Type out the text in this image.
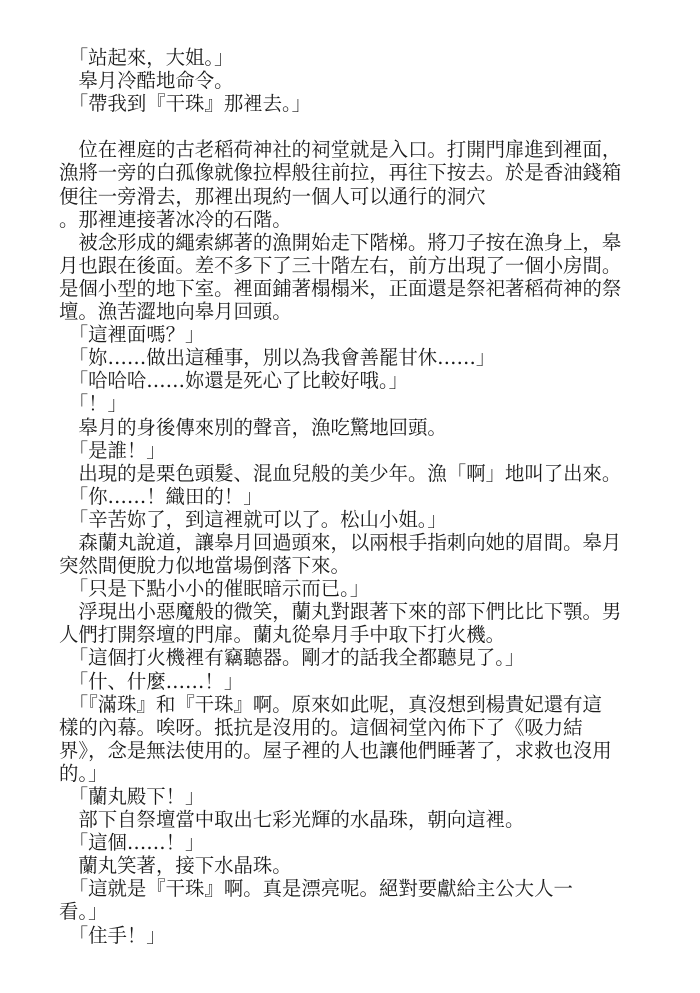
　「站起來，大姐。」
　皋月冷酷地命令。
　「帶我到『干珠』那裡去。」
　位在裡庭的古老稻荷神社的祠堂就是入口。打開門扉進到裡面，
漁將一旁的白孤像就像拉桿般往前拉，再往下按去。於是香油錢箱
便往一旁滑去，那裡出現約一個人可以通行的洞穴
。那裡連接著冰冷的石階。
　被念形成的繩索綁著的漁開始走下階梯。將刀子按在漁身上，皋
月也跟在後面。差不多下了三十階左右，前方出現了一個小房間。
是個小型的地下室。裡面鋪著榻榻米，正面還是祭祀著稻荷神的祭
壇。漁苦澀地向皋月回頭。
　「這裡面嗎？」
　「妳……做出這種事，別以為我會善罷甘休……」
　「哈哈哈……妳還是死心了比較好哦。」
　「！」
　皋月的身後傳來別的聲音，漁吃驚地回頭。
　「是誰！」
　出現的是栗色頭髮、混血兒般的美少年。漁「啊」地叫了出來。
　「你……！織田的！」
　「辛苦妳了，到這裡就可以了。松山小姐。」
　森蘭丸說道，讓皋月回過頭來，以兩根手指刺向她的眉間。皋月
突然間便脫力似地當場倒落下來。
　「只是下點小小的催眠暗示而已。」
　浮現出小惡魔般的微笑，蘭丸對跟著下來的部下們比比下顎。男
人們打開祭壇的門扉。蘭丸從皋月手中取下打火機。
　「這個打火機裡有竊聽器。剛才的話我全都聽見了。」
　「什、什麼……！」
　「『滿珠』和『干珠』啊。原來如此呢，真沒想到楊貴妃還有這
樣的內幕。唉呀。抵抗是沒用的。這個祠堂內佈下了《吸力結
界》，念是無法使用的。屋子裡的人也讓他們睡著了，求救也沒用
的。」
　「蘭丸殿下！」
　部下自祭壇當中取出七彩光輝的水晶珠，朝向這裡。
　「這個……！」
　蘭丸笑著，接下水晶珠。
　「這就是『干珠』啊。真是漂亮呢。絕對要獻給主公大人一
看。」
　「住手！」
